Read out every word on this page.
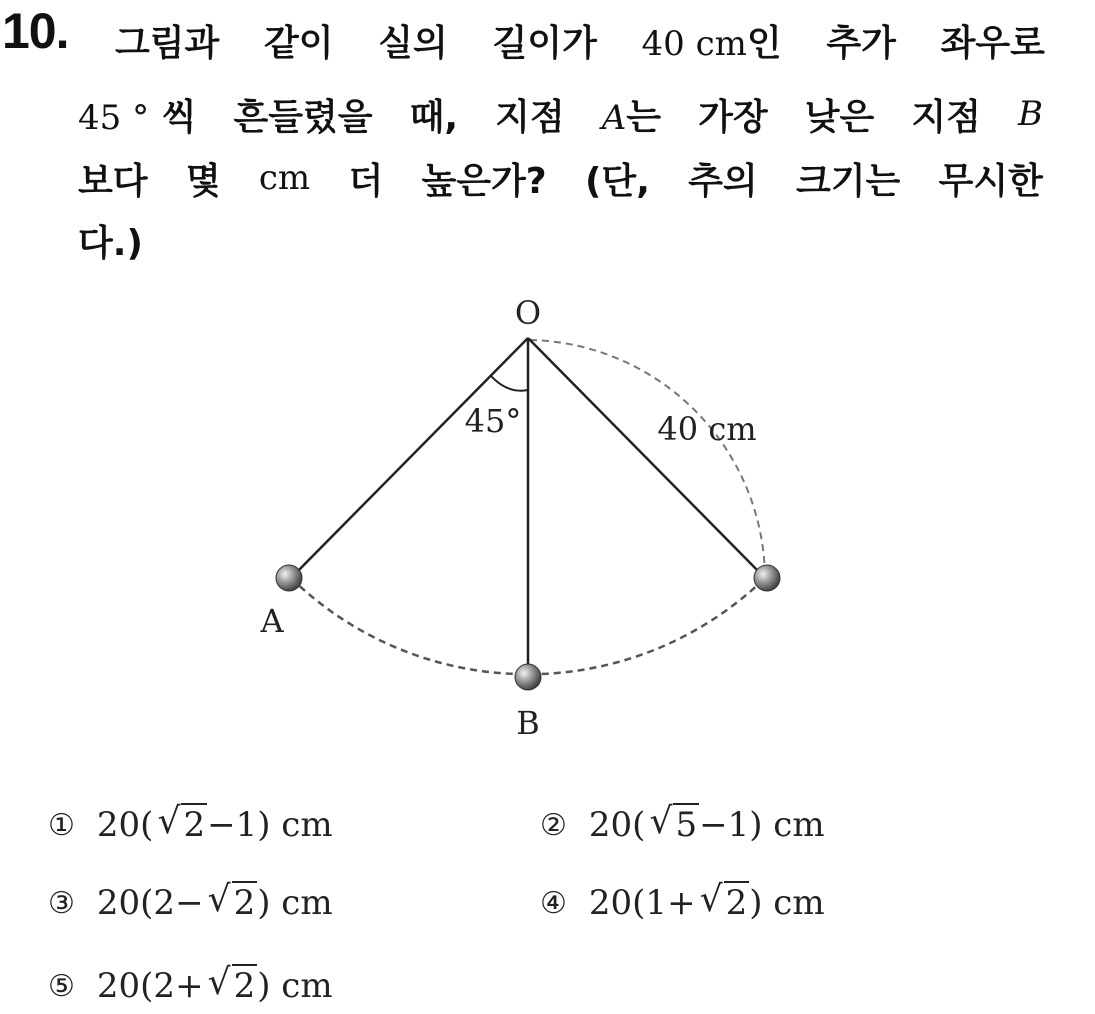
10. 그림과 같이 실의 길이가 40 cm인 추가 좌우로
45 ° 씩 흔들렸을 때, 지점 A는 가장 낮은 지점 B
보다 몇 cm 더 높은가? (단, 추의 크기는 무시한
다.)
O
A
B
45°	40 cm
① 20( √ 2 −1) cm	② 20( √ 5 −1) cm
③ 20(2− √ 2 ) cm	④ 20(1+ √ 2 ) cm
⑤ 20(2+ √ 2 ) cm
